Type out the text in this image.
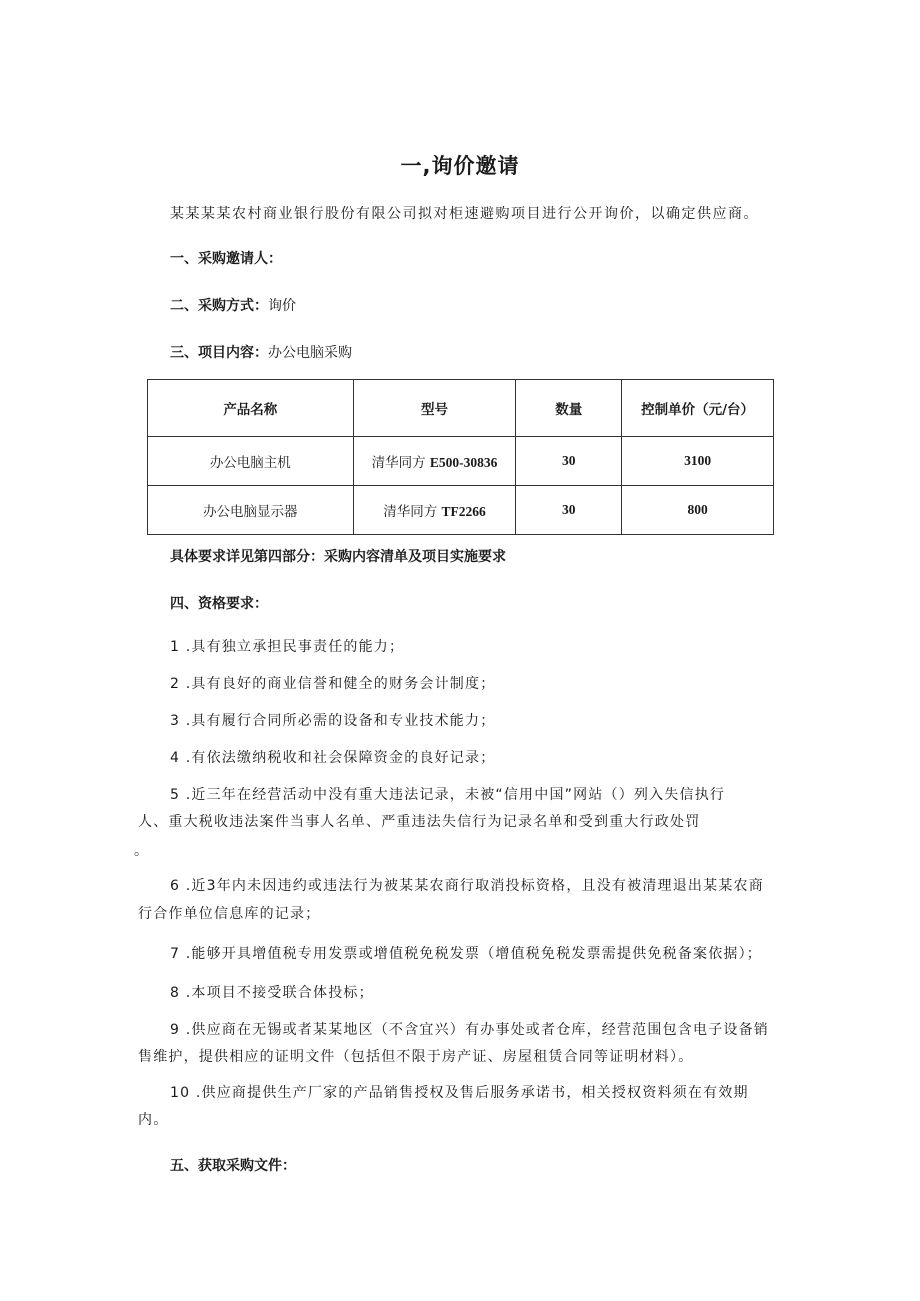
一,询价邀请
某某某某农村商业银行股份有限公司拟对柜速避购项目进行公开询价，以确定供应商。
一、采购邀请人：
二、采购方式：询价
三、项目内容：办公电脑采购
产品名称	型号	数量	控制单价（元/台）
办公电脑主机	清华同方 E500-30836	30	3100
办公电脑显示器	清华同方 TF2266	30	800
具体要求详见第四部分：采购内容清单及项目实施要求
四、资格要求：
1 .具有独立承担民事责任的能力；
2 .具有良好的商业信誉和健全的财务会计制度；
3 .具有履行合同所必需的设备和专业技术能力；
4 .有依法缴纳税收和社会保障资金的良好记录；
5 .近三年在经营活动中没有重大违法记录，未被“信用中国”网站（）列入失信执行
人、重大税收违法案件当事人名单、严重违法失信行为记录名单和受到重大行政处罚
。
6 .近3年内未因违约或违法行为被某某农商行取消投标资格，且没有被清理退出某某农商
行合作单位信息库的记录；
7 .能够开具增值税专用发票或增值税免税发票（增值税免税发票需提供免税备案依据）；
8 .本项目不接受联合体投标；
9 .供应商在无锡或者某某地区（不含宜兴）有办事处或者仓库，经营范围包含电子设备销
售维护，提供相应的证明文件（包括但不限于房产证、房屋租赁合同等证明材料）。
10 .供应商提供生产厂家的产品销售授权及售后服务承诺书，相关授权资料须在有效期
内。
五、获取采购文件：
